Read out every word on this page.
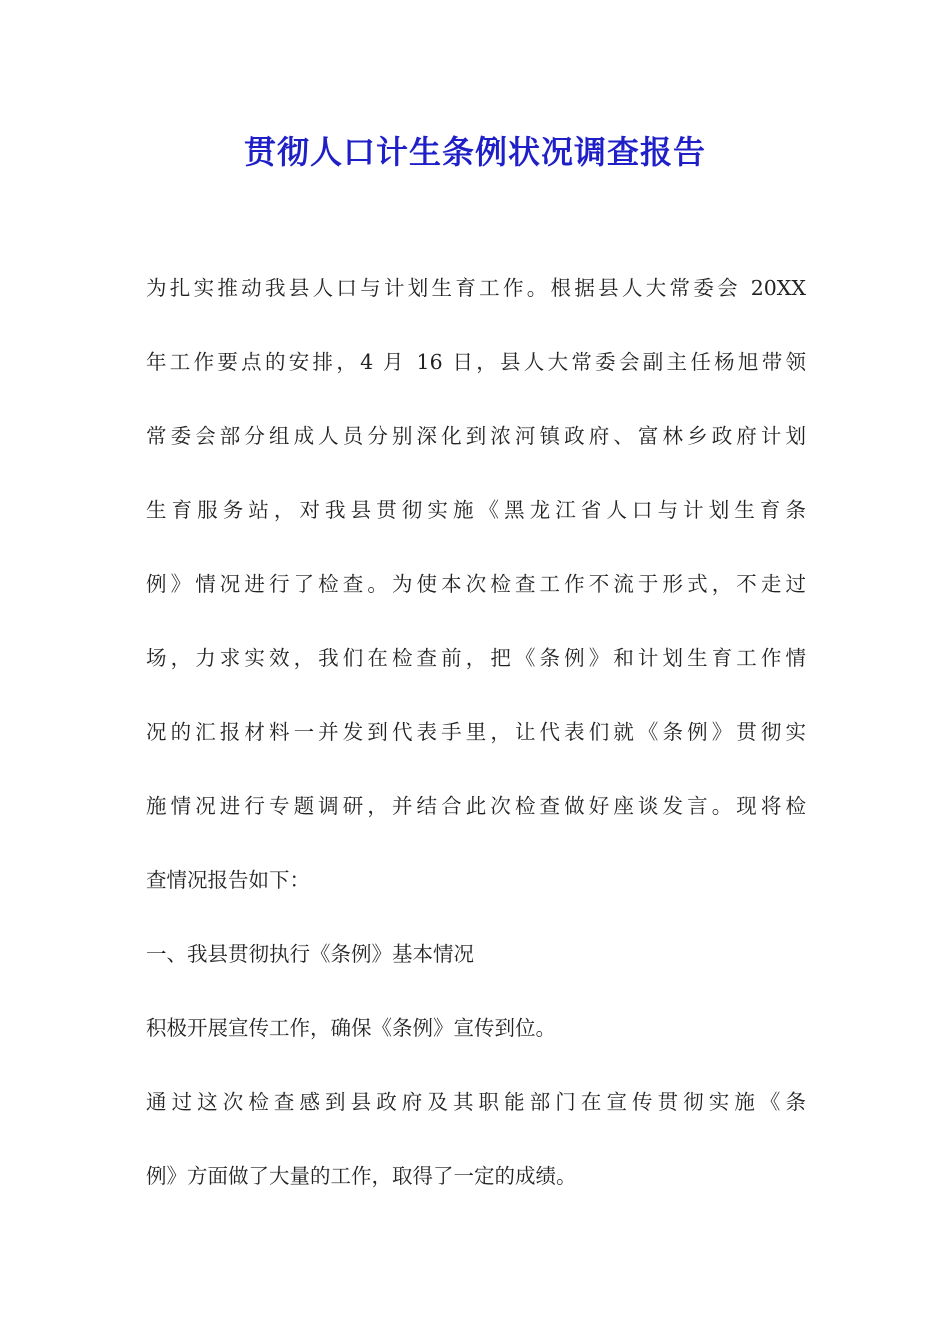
贯彻人口计生条例状况调查报告
为扎实推动我县人口与计划生育工作。根据县人大常委会 20XX
年工作要点的安排，4 月 16 日，县人大常委会副主任杨旭带领
常委会部分组成人员分别深化到浓河镇政府、富林乡政府计划
生育服务站，对我县贯彻实施《黑龙江省人口与计划生育条
例》情况进行了检查。为使本次检查工作不流于形式，不走过
场，力求实效，我们在检查前，把《条例》和计划生育工作情
况的汇报材料一并发到代表手里，让代表们就《条例》贯彻实
施情况进行专题调研，并结合此次检查做好座谈发言。现将检
查情况报告如下：
一、我县贯彻执行《条例》基本情况
积极开展宣传工作，确保《条例》宣传到位。
通过这次检查感到县政府及其职能部门在宣传贯彻实施《条
例》方面做了大量的工作，取得了一定的成绩。
